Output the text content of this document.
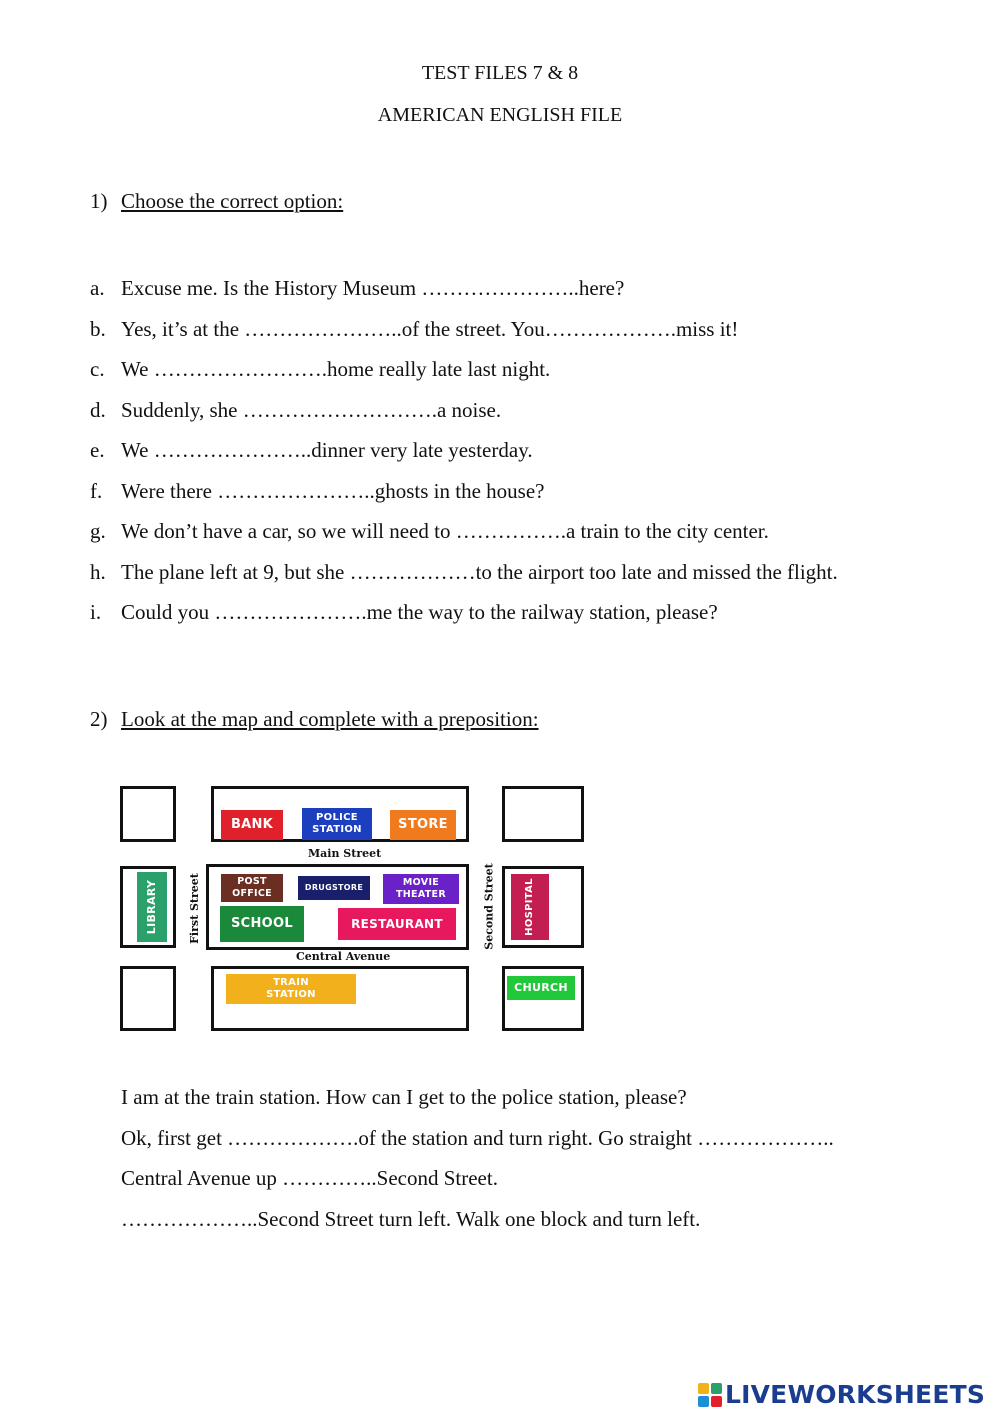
TEST FILES 7 & 8
AMERICAN ENGLISH FILE
1) Choose the correct option:
a. Excuse me. Is the History Museum …………………..here?
b. Yes, it’s at the …………………..of the street. You……………….miss it!
c. We …………………….home really late last night.
d. Suddenly, she ……………………….a noise.
e. We …………………..dinner very late yesterday.
f. Were there …………………..ghosts in the house?
g. We don’t have a car, so we will need to …………….a train to the city center.
h. The plane left at 9, but she ………………to the airport too late and missed the flight.
i. Could you ………………….me the way to the railway station, please?
2) Look at the map and complete with a preposition:
Main Street
Central Avenue
First Street	Second Street
BANK	POLICE
STATION	STORE
POST
OFFICE
DRUGSTORE	MOVIE
THEATER
SCHOOL	RESTAURANT
LIBRARY	HOSPITAL
TRAIN
STATION
CHURCH
I am at the train station. How can I get to the police station, please?
Ok, first get ……………….of the station and turn right. Go straight ………………..
Central Avenue up …………..Second Street.
………………..Second Street turn left. Walk one block and turn left.
LIVEWORKSHEETS
